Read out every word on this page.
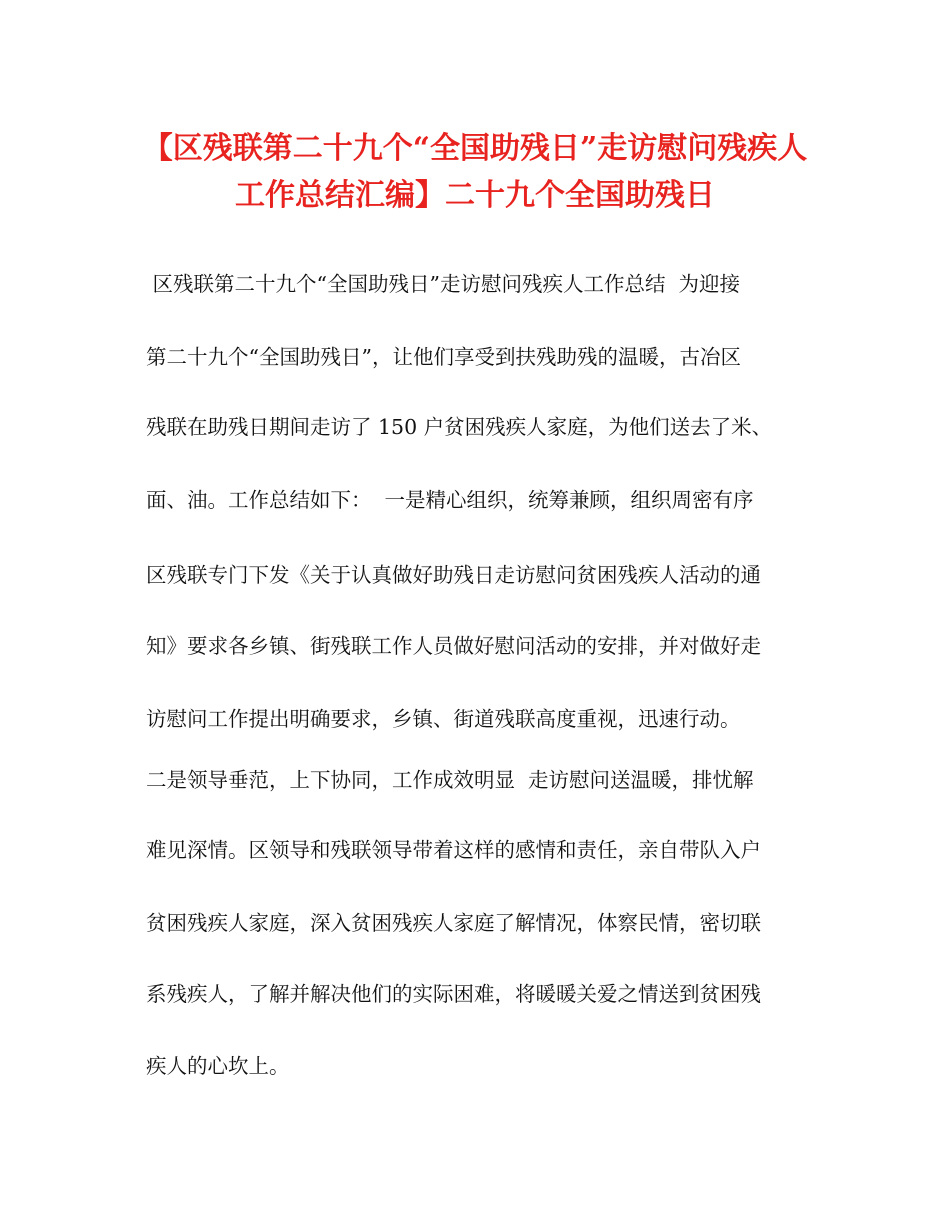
【区残联第二十九个“全国助残日”走访慰问残疾人
工作总结汇编】二十九个全国助残日
区残联第二十九个“全国助残日”走访慰问残疾人工作总结  为迎接
第二十九个“全国助残日”，让他们享受到扶残助残的温暖，古冶区
残联在助残日期间走访了 150 户贫困残疾人家庭，为他们送去了米、
面、油。工作总结如下：  一是精心组织，统筹兼顾，组织周密有序
区残联专门下发《关于认真做好助残日走访慰问贫困残疾人活动的通
知》要求各乡镇、街残联工作人员做好慰问活动的安排，并对做好走
访慰问工作提出明确要求，乡镇、街道残联高度重视，迅速行动。
二是领导垂范，上下协同，工作成效明显  走访慰问送温暖，排忧解
难见深情。区领导和残联领导带着这样的感情和责任，亲自带队入户
贫困残疾人家庭，深入贫困残疾人家庭了解情况，体察民情，密切联
系残疾人，了解并解决他们的实际困难，将暖暖关爱之情送到贫困残
疾人的心坎上。
